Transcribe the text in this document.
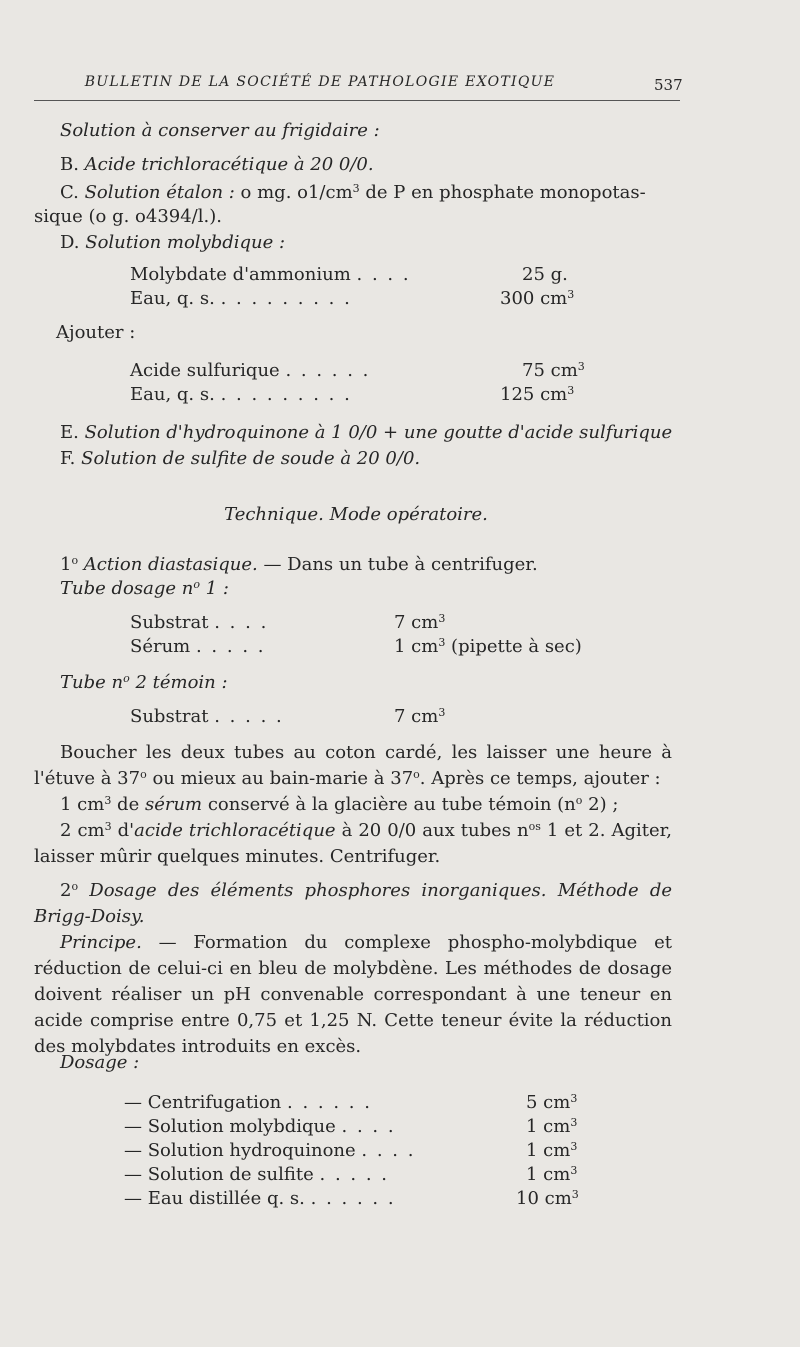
BULLETIN DE LA SOCIÉTÉ DE PATHOLOGIE EXOTIQUE	537
Solution à conserver au frigidaire :
B. Acide trichloracétique à 20 0/0.
C. Solution étalon : o mg. $o1/cm^3$ de P en phosphate monopotas-
sique (o g. o4394/l.).
D. Solution molybdique :
Molybdate d'ammonium . . . .	25 g.
Eau, q. s. . . . . . . . . .	300 $cm^3$
Ajouter :
Acide sulfurique . . . . . .	75 $cm^3$
Eau, q. s. . . . . . . . . .	125 $cm^3$
E. Solution d'hydroquinone à 1 0/0 + une goutte d'acide sulfurique
F. Solution de sulfite de soude à 20 0/0.
Technique. Mode opératoire.
1$^o$ Action diastasique. — Dans un tube à centrifuger.
Tube dosage $n^o$ 1 :
Substrat . . . .	7 $cm^3$
Sérum . . . . .	1 $cm^3$ (pipette à sec)
Tube $n^o$ 2 témoin :
Substrat . . . . .	7 $cm^3$

Boucher les deux tubes au coton cardé, les laisser une heure à l'étuve à 37$^o$ ou mieux au bain-marie à 37$^o$. Après ce temps, ajouter :

1 $cm^3$ de sérum conservé à la glacière au tube témoin ($n^o$ 2) ;

2 $cm^3$ d'acide trichloracétique à 20 0/0 aux tubes $n^{os}$ 1 et 2. Agiter, laisser mûrir quelques minutes. Centrifuger.

2$^o$ Dosage des éléments phosphores inorganiques. Méthode de Brigg-Doisy.

Principe. — Formation du complexe phospho-molybdique et réduction de celui-ci en bleu de molybdène. Les méthodes de dosage doivent réaliser un pH convenable correspondant à une teneur en acide comprise entre 0,75 et 1,25 N. Cette teneur évite la réduction des molybdates introduits en excès.

Dosage :
— Centrifugation . . . . . .	5 $cm^3$
— Solution molybdique . . . .	1 $cm^3$
— Solution hydroquinone . . . .	1 $cm^3$
— Solution de sulfite . . . . .	1 $cm^3$
— Eau distillée q. s. . . . . . .	10 $cm^3$
